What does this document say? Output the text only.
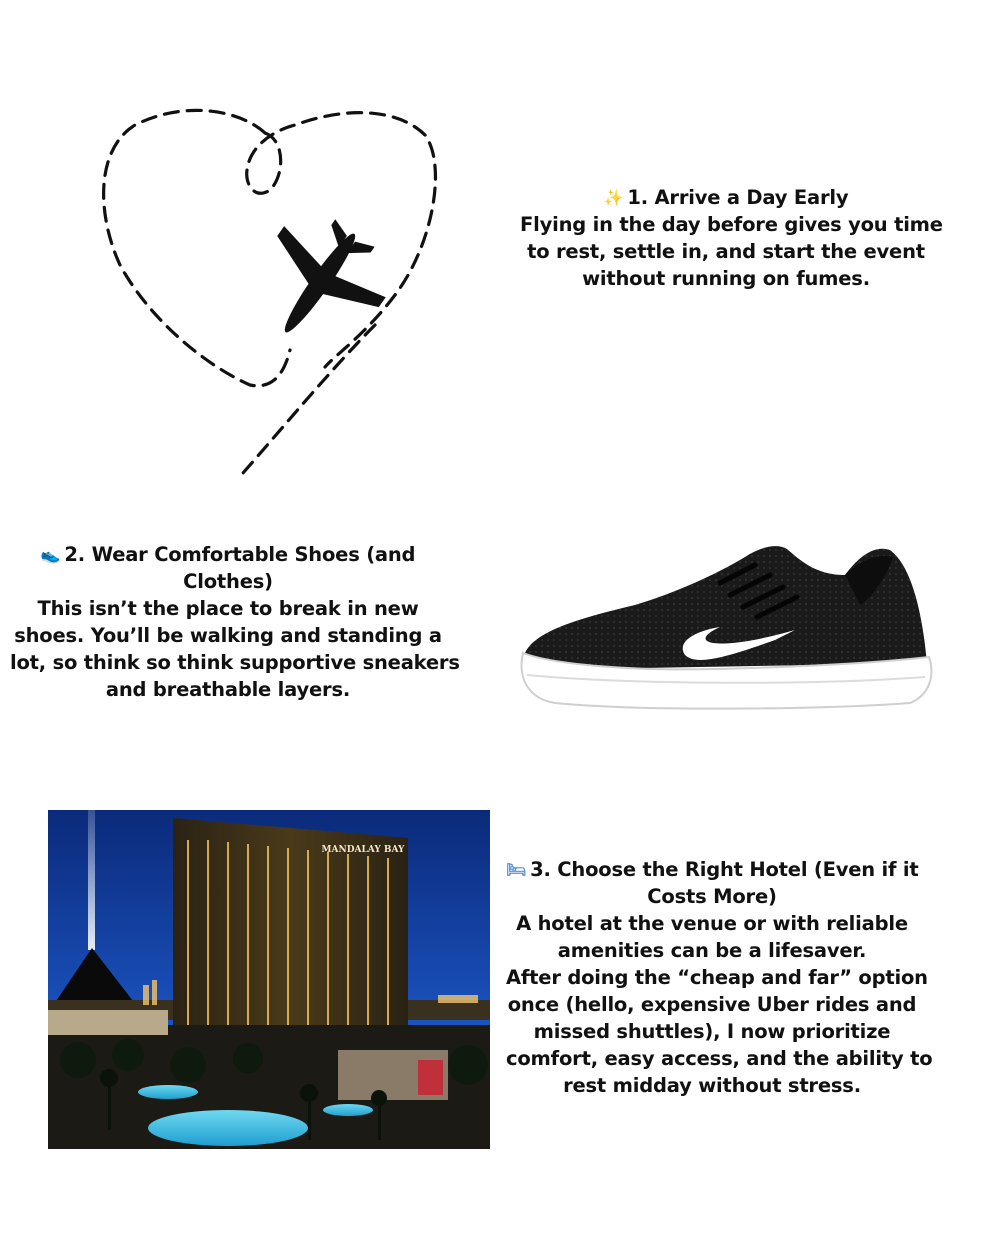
✨ 1. Arrive a Day Early
Flying in the day before gives you time
to rest, settle in, and start the event
without running on fumes.
👟 2. Wear Comfortable Shoes (and
Clothes)
This isn’t the place to break in new
shoes. You’ll be walking and standing a
lot, so think so think supportive sneakers
and breathable layers.
MANDALAY BAY
🛏 3. Choose the Right Hotel (Even if it
Costs More)
A hotel at the venue or with reliable
amenities can be a lifesaver.
After doing the “cheap and far” option
once (hello, expensive Uber rides and
missed shuttles), I now prioritize
comfort, easy access, and the ability to
rest midday without stress.
